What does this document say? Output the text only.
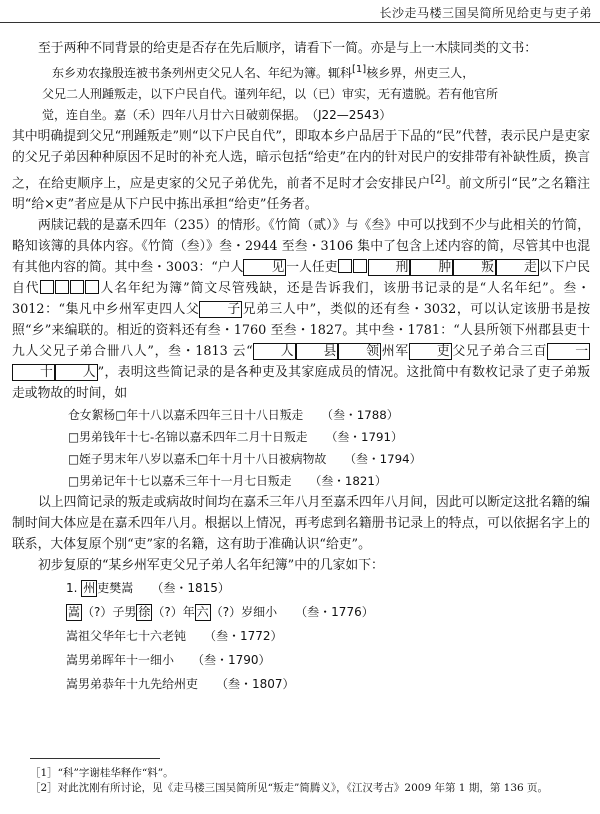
长沙走马楼三国吴简所见给吏与吏子弟

至于两种不同背景的给吏是否存在先后顺序，请看下一简。亦是与上一木牍同类的文书：

东乡劝农掾殷连被书条列州吏父兄人名、年纪为簿。辄科[1]核乡界，州吏三人，

父兄二人刑踵叛走，以下户民自代。谨列年纪，以（已）审实，无有遗脱。若有他官所

觉，连自坐。嘉（禾）四年八月廿六日破莂保据。　（J22—2543）

其中明确提到父兄“刑踵叛走”则“以下户民自代”，即取本乡户品居于下品的“民”代替，表示民户是吏家的父兄子弟因种种原因不足时的补充人选，暗示包括“给吏”在内的针对民户的安排带有补缺性质，换言之，在给吏顺序上，应是吏家的父兄子弟优先，前者不足时才会安排民户[2]。前文所引“民”之名籍注明“给×吏”者应是从下户民中拣出承担“给吏”任务者。

两牍记载的是嘉禾四年（235）的情形。《竹简（贰）》与《叁》中可以找到不少与此相关的竹简，略知该簿的具体内容。《竹简（叁）》叁・2944 至叁・3106 集中了包含上述内容的简，尽管其中也混有其他内容的简。其中叁・3003：“户人 见 一人任吏	刑 肿 叛 走 以下户民自代	人名年纪为簿”简文尽管残缺，还是告诉我们，该册书记录的是“人名年纪”。叁・3012：“集凡中乡州军吏四人父 子 兄弟三人中”，类似的还有叁・3032，可以认定该册书是按照“乡”来编联的。相近的资料还有叁・1760 至叁・1827。其中叁・1781：“人县所领下州郡县吏十九人父兄子弟合卌八人”，叁・1813 云“ 人 县 领 州军 吏 父兄子弟合三百 一十 人 ”，表明这些简记录的是各种吏及其家庭成员的情况。这批简中有数枚记录了吏子弟叛走或物故的时间，如

仓女絮杨□年十八以嘉禾四年三日十八日叛走 （叁・1788）
□男弟钱年十七-名锦以嘉禾四年二月十日叛走 （叁・1791）
□姪子男末年八岁以嘉禾□年十月十八日被病物故 （叁・1794）
□男弟记年十七以嘉禾三年十一月七日叛走 （叁・1821）

以上四简记录的叛走或病故时间均在嘉禾三年八月至嘉禾四年八月间，因此可以断定这批名籍的编制时间大体应是在嘉禾四年八月。根据以上情况，再考虑到名籍册书记录上的特点，可以依据名字上的联系，大体复原个别“吏”家的名籍，这有助于准确认识“给吏”。

初步复原的“某乡州军吏父兄子弟人名年纪簿”中的几家如下：

1. 州 吏樊嵩 （叁・1815）
嵩 （?）子男 徐 （?）年 六 （?）岁细小 （叁・1776）
嵩祖父华年七十六老钝 （叁・1772）
嵩男弟晖年十一细小 （叁・1790）
嵩男弟恭年十九先给州吏 （叁・1807）

［1］“科”字谢桂华释作“料”。

［2］对此沈刚有所讨论，见《走马楼三国吴简所见“叛走”简腾义》，《江汉考古》2009 年第 1 期，第 136 页。
